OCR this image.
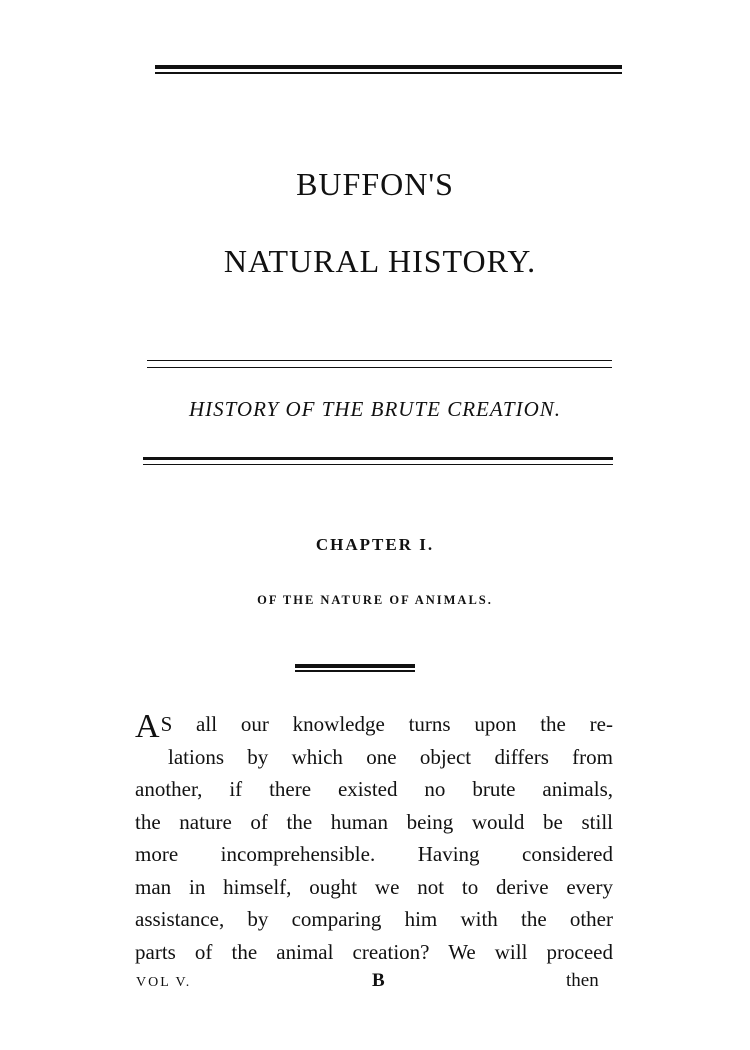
BUFFON'S
NATURAL HISTORY.
HISTORY OF THE BRUTE CREATION.
CHAPTER I.
OF THE NATURE OF ANIMALS.
AS all our knowledge turns upon the re-
lations by which one object differs from
another, if there existed no brute animals,
the nature of the human being would be still
more incomprehensible. Having considered
man in himself, ought we not to derive every
assistance, by comparing him with the other
parts of the animal creation? We will proceed
VOL V.	B	then
